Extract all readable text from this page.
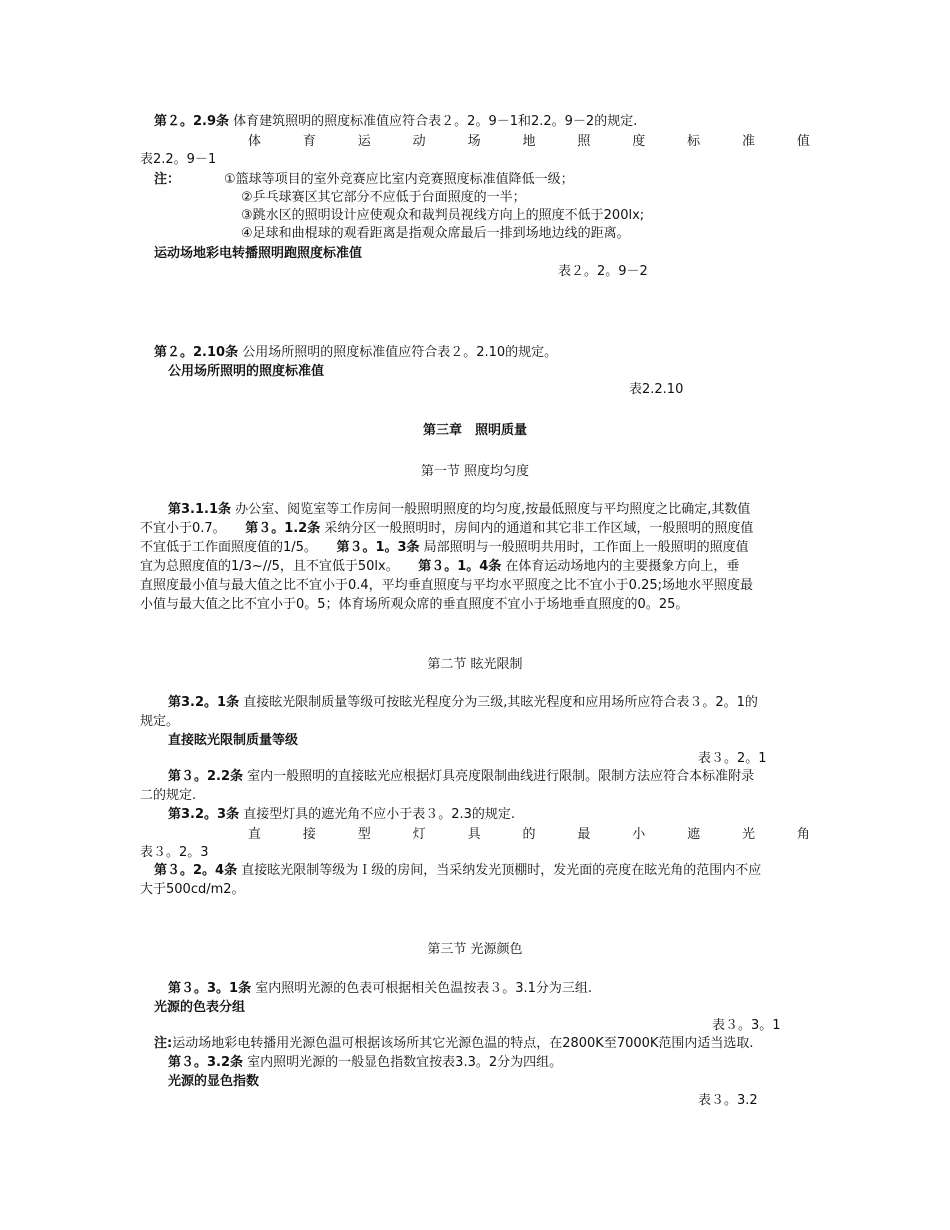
第２。2.9条 体育建筑照明的照度标准值应符合表２。2。9－1和2.2。9－2的规定.
体	育	运	动	场	地	照	度	标	准	值
表2.2。9－1
注：	①篮球等项目的室外竞赛应比室内竞赛照度标准值降低一级；
②乒乓球赛区其它部分不应低于台面照度的一半；
③跳水区的照明设计应使观众和裁判员视线方向上的照度不低于200lx;
④足球和曲棍球的观看距离是指观众席最后一排到场地边线的距离。
运动场地彩电转播照明跑照度标准值
表２。2。9－2
第２。2.10条 公用场所照明的照度标准值应符合表２。2.10的规定。
公用场所照明的照度标准值
表2.2.10
第三章　照明质量
第一节 照度均匀度
第3.1.1条 办公室、阅览室等工作房间一般照明照度的均匀度,按最低照度与平均照度之比确定,其数值
不宜小于0.7。　　第３。1.2条 采纳分区一般照明时，房间内的通道和其它非工作区域，一般照明的照度值
不宜低于工作面照度值的1/5。　　第３。1。3条 局部照明与一般照明共用时，工作面上一般照明的照度值
宜为总照度值的1/3~//5，且不宜低于50lx。　　第３。1。4条 在体育运动场地内的主要摄象方向上，垂
直照度最小值与最大值之比不宜小于0.4，平均垂直照度与平均水平照度之比不宜小于0.25;场地水平照度最
小值与最大值之比不宜小于0。5；体育场所观众席的垂直照度不宜小于场地垂直照度的0。25。
第二节 眩光限制
第3.2。1条 直接眩光限制质量等级可按眩光程度分为三级,其眩光程度和应用场所应符合表３。2。1的
规定。
直接眩光限制质量等级
表３。2。1
第３。2.2条 室内一般照明的直接眩光应根据灯具亮度限制曲线进行限制。限制方法应符合本标准附录
二的规定.
第3.2。3条 直接型灯具的遮光角不应小于表３。2.3的规定.
直	接	型	灯	具	的	最	小	遮	光	角
表３。2。3
第３。2。4条 直接眩光限制等级为Ｉ级的房间，当采纳发光顶棚时，发光面的亮度在眩光角的范围内不应
大于500cd/m2。
第三节 光源颜色
第３。3。1条 室内照明光源的色表可根据相关色温按表３。3.1分为三组.
光源的色表分组
表３。3。1
注:运动场地彩电转播用光源色温可根据该场所其它光源色温的特点，在2800K至7000K范围内适当选取.
第３。3.2条 室内照明光源的一般显色指数宜按表3.3。2分为四组。
光源的显色指数
表３。3.2
